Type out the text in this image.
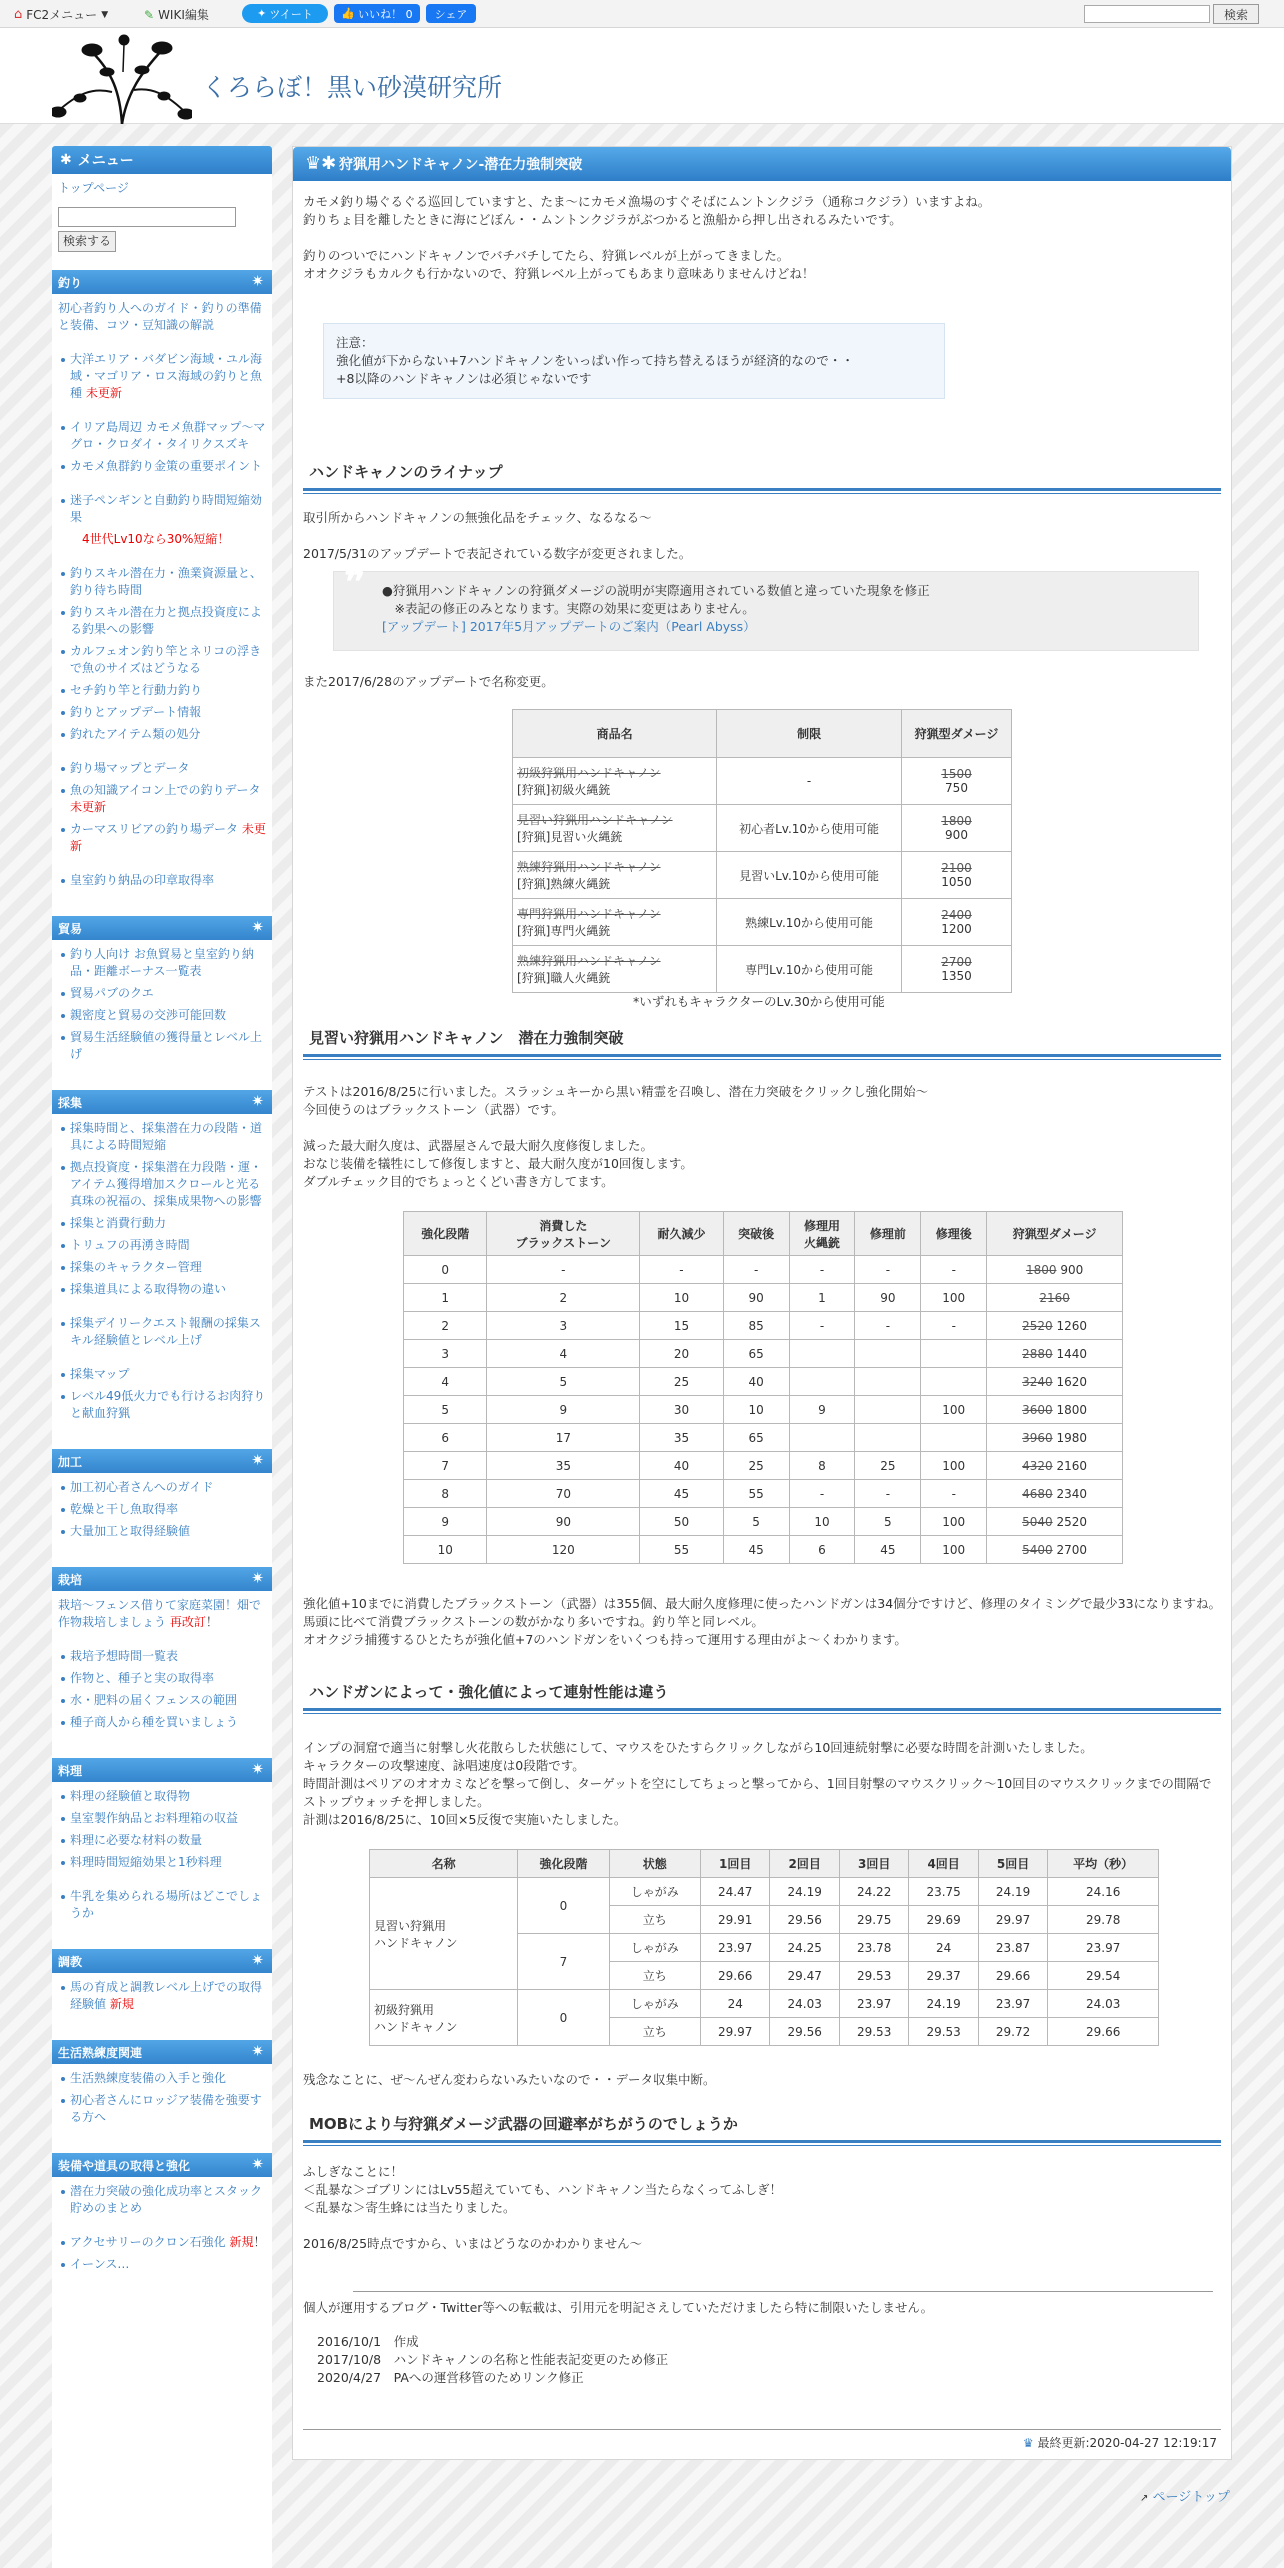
⌂ FC2メニュー ▼	✎ WIKI編集	✦ ツイート	👍 いいね！ 0 シェア	検索
くろらぼ！黒い砂漠研究所
✱ メニュー
トップページ
検索する
釣り	✷
初心者釣り人へのガイド・釣りの準備と装備、コツ・豆知識の解説
大洋エリア・バダビン海域・ユル海域・マゴリア・ロス海域の釣りと魚種 未更新
イリア島周辺 カモメ魚群マップ～マグロ・クロダイ・タイリクスズキ
カモメ魚群釣り金策の重要ポイント
迷子ペンギンと自動釣り時間短縮効果
4世代Lv10なら30%短縮！
釣りスキル潜在力・漁業資源量と、釣り待ち時間
釣りスキル潜在力と拠点投資度による釣果への影響
カルフェオン釣り竿とネリコの浮きで魚のサイズはどうなる
セチ釣り竿と行動力釣り
釣りとアップデート情報
釣れたアイテム類の処分
釣り場マップとデータ
魚の知識アイコン上での釣りデータ 未更新
カーマスリビアの釣り場データ 未更新
皇室釣り納品の印章取得率
貿易	✷
釣り人向け お魚貿易と皇室釣り納品・距離ボーナス一覧表
貿易パブのクエ
親密度と貿易の交渉可能回数
貿易生活経験値の獲得量とレベル上げ
採集	✷
採集時間と、採集潜在力の段階・道具による時間短縮
拠点投資度・採集潜在力段階・運・アイテム獲得増加スクロールと光る真珠の祝福の、採集成果物への影響
採集と消費行動力
トリュフの再湧き時間
採集のキャラクター管理
採集道具による取得物の違い
採集デイリークエスト報酬の採集スキル経験値とレベル上げ
採集マップ
レベル49低火力でも行けるお肉狩りと献血狩猟
加工	✷
加工初心者さんへのガイド
乾燥と干し魚取得率
大量加工と取得経験値
栽培	✷
栽培～フェンス借りて家庭菜園！畑で作物栽培しましょう 再改訂！
栽培予想時間一覧表
作物と、種子と実の取得率
水・肥料の届くフェンスの範囲
種子商人から種を買いましょう
料理	✷
料理の経験値と取得物
皇室製作納品とお料理箱の収益
料理に必要な材料の数量
料理時間短縮効果と1秒料理
牛乳を集められる場所はどこでしょうか
調教	✷
馬の育成と調教レベル上げでの取得経験値 新規
生活熟練度関連	✷
生活熟練度装備の入手と強化
初心者さんにロッジア装備を強要する方へ
装備や道具の取得と強化	✷
潜在力突破の強化成功率とスタック貯めのまとめ
アクセサリーのクロン石強化 新規！
イーンス…
♛✱ 狩猟用ハンドキャノン-潜在力強制突破
カモメ釣り場ぐるぐる巡回していますと、たま～にカモメ漁場のすぐそばにムントンクジラ（通称コクジラ）いますよね。
釣りちょ目を離したときに海にどぼん・・ムントンクジラがぶつかると漁船から押し出されるみたいです。

釣りのついでにハンドキャノンでバチバチしてたら、狩猟レベルが上がってきました。
オオクジラもカルクも行かないので、狩猟レベル上がってもあまり意味ありませんけどね！
注意：
強化値が下からない+7ハンドキャノンをいっぱい作って持ち替えるほうが経済的なので・・
+8以降のハンドキャノンは必須じゃないです
ハンドキャノンのライナップ
取引所からハンドキャノンの無強化品をチェック、なるなる～
2017/5/31のアップデートで表記されている数字が変更されました。
❞ ●狩猟用ハンドキャノンの狩猟ダメージの説明が実際適用されている数値と違っていた現象を修正
　※表記の修正のみとなります。実際の効果に変更はありません。
[アップデート] 2017年5月アップデートのご案内（Pearl Abyss）
また2017/6/28のアップデートで名称変更。
商品名	制限	狩猟型ダメージ
初級狩猟用ハンドキャノン
[狩猟]初級火縄銃	-	1500
750
見習い狩猟用ハンドキャノン
[狩猟]見習い火縄銃	初心者Lv.10から使用可能	1800
900
熟練狩猟用ハンドキャノン
[狩猟]熟練火縄銃	見習いLv.10から使用可能	2100
1050
専門狩猟用ハンドキャノン
[狩猟]専門火縄銃	熟練Lv.10から使用可能	2400
1200
熟練狩猟用ハンドキャノン
[狩猟]職人火縄銃	専門Lv.10から使用可能	2700
1350
*いずれもキャラクターのLv.30から使用可能
見習い狩猟用ハンドキャノン　潜在力強制突破
テストは2016/8/25に行いました。スラッシュキーから黒い精霊を召喚し、潜在力突破をクリックし強化開始～
今回使うのはブラックストーン（武器）です。

減った最大耐久度は、武器屋さんで最大耐久度修復しました。
おなじ装備を犠牲にして修復しますと、最大耐久度が10回復します。
ダブルチェック目的でちょっとくどい書き方してます。
強化段階	消費した
ブラックストーン	耐久減少	突破後	修理用
火縄銃	修理前	修理後	狩猟型ダメージ
0	-	-	-	-	-	-	1800 900
1	2	10	90	1	90	100	2160
2	3	15	85	-	-	-	2520 1260
3	4	20	65				2880 1440
4	5	25	40				3240 1620
5	9	30	10	9		100	3600 1800
6	17	35	65				3960 1980
7	35	40	25	8	25	100	4320 2160
8	70	45	55	-	-	-	4680 2340
9	90	50	5	10	5	100	5040 2520
10	120	55	45	6	45	100	5400 2700
強化値+10までに消費したブラックストーン（武器）は355個、最大耐久度修理に使ったハンドガンは34個分ですけど、修理のタイミングで最少33になりますね。
馬頭に比べて消費ブラックストーンの数がかなり多いですね。釣り竿と同レベル。
オオクジラ捕獲するひとたちが強化値+7のハンドガンをいくつも持って運用する理由がよ～くわかります。
ハンドガンによって・強化値によって連射性能は違う
インプの洞窟で適当に射撃し火花散らした状態にして、マウスをひたすらクリックしながら10回連続射撃に必要な時間を計測いたしました。
キャラクターの攻撃速度、詠唱速度は0段階です。
時間計測はペリアのオオカミなどを撃って倒し、ターゲットを空にしてちょっと撃ってから、1回目射撃のマウスクリック～10回目のマウスクリックまでの間隔でストップウォッチを押しました。
計測は2016/8/25に、10回×5反復で実施いたしました。
名称	強化段階	状態	1回目	2回目	3回目	4回目	5回目	平均（秒）
見習い狩猟用
ハンドキャノン	0	しゃがみ	24.47	24.19	24.22	23.75	24.19	24.16
		立ち	29.91	29.56	29.75	29.69	29.97	29.78
	7	しゃがみ	23.97	24.25	23.78	24	23.87	23.97
		立ち	29.66	29.47	29.53	29.37	29.66	29.54
初級狩猟用
ハンドキャノン	0	しゃがみ	24	24.03	23.97	24.19	23.97	24.03
		立ち	29.97	29.56	29.53	29.53	29.72	29.66
残念なことに、ぜ～んぜん変わらないみたいなので・・データ収集中断。
MOBにより与狩猟ダメージ武器の回避率がちがうのでしょうか
ふしぎなことに！
＜乱暴な＞ゴブリンにはLv55超えていても、ハンドキャノン当たらなくってふしぎ！
＜乱暴な＞寄生蜂には当たりました。

2016/8/25時点ですから、いまはどうなのかわかりません～
個人が運用するブログ・Twitter等への転載は、引用元を明記さえしていただけましたら特に制限いたしません。
2016/10/1　作成
2017/10/8　ハンドキャノンの名称と性能表記変更のため修正
2020/4/27　PAへの運営移管のためリンク修正
♛ 最終更新:2020-04-27 12:19:17
↗ ページトップ
